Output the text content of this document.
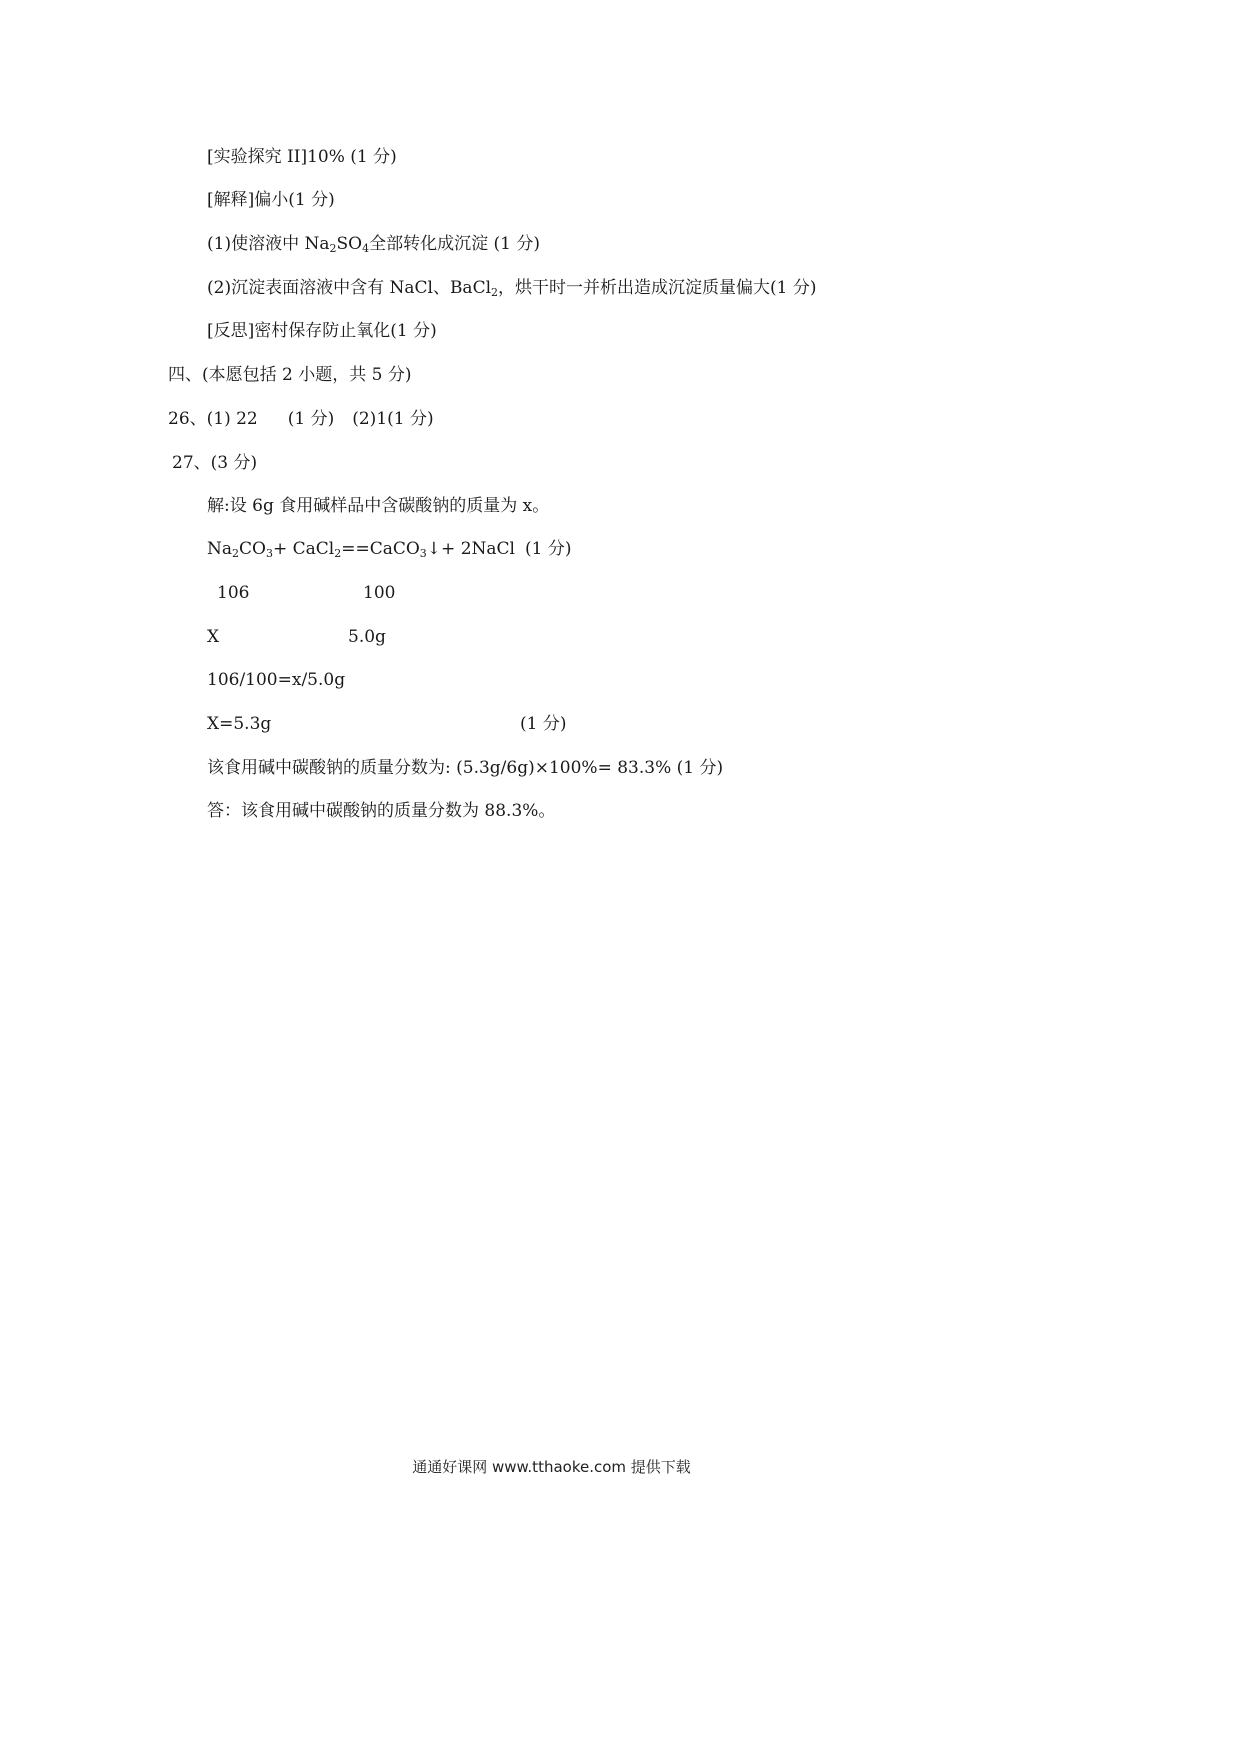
[实验探究 II]10% (1 分)
[解释]偏小(1 分)
(1)使溶液中 $Na_2SO_4$全部转化成沉淀 (1 分)
(2)沉淀表面溶液中含有 NaCl、BaCl$_2$，烘干时一并析出造成沉淀质量偏大(1 分)
[反思]密村保存防止氧化(1 分)
四、(本愿包括 2 小题，共 5 分)
26、(1) 22 (1 分) (2)1(1 分)
27、(3 分)
解:设 6g 食用碱样品中含碳酸钠的质量为 x。
$Na_2CO_3+$ CaCl$_2$==CaCO$_3$↓+ 2NaCl (1 分)
106	100
X	5.0g
106/100=x/5.0g
X=5.3g	(1 分)
该食用碱中碳酸钠的质量分数为: (5.3g/6g)×100%= 83.3% (1 分)
答：该食用碱中碳酸钠的质量分数为 88.3%。
通通好课网 www.tthaoke.com 提供下载
